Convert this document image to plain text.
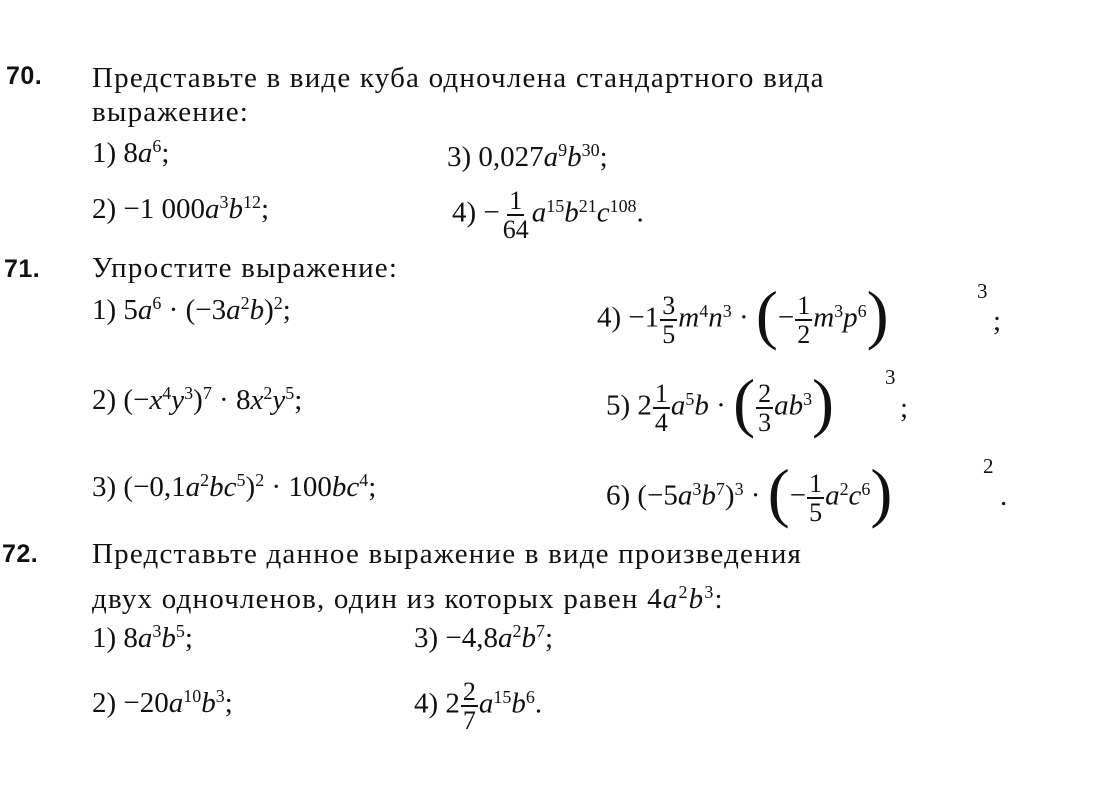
70. Представьте в виде куба одночлена стандартного вида
выражение:
1) $8a^6$;
2) −1 $000a^3b^{12}$;
3) $0,027a^9b^{30}$;
$4) - \frac{1}{64} a^{15}b^{21}c^{108}$.
71. Упростите выражение:
1) $5a^6 \cdot (-3a^2b)^2$;
2) $(-x^4y^3)^7 \cdot 8x^2y^5$;
3) $(-0,1a^2bc^5)^2 \cdot 100bc^4$;
$4) -1 \frac{3}{5} m^4n^3$ · (− $\frac{1}{2} m^3p^6$)	3
;
5) $2 \frac{1}{4} a^5b$ · ( $\frac{2}{3} ab^3$) 3
;
6) $(-5a^3b^7)^3$ · (− $\frac{1}{5} a^2c^6$)	2
.
72. Представьте данное выражение в виде произведения
двух одночленов, один из которых равен $4a^2b^3$:
1) $8a^3b^5$;
$2) -20a^{10}b^3$;
$3) -4,8a^2b^7$;
4) $2 \frac{2}{7} a^{15}b^6$.
